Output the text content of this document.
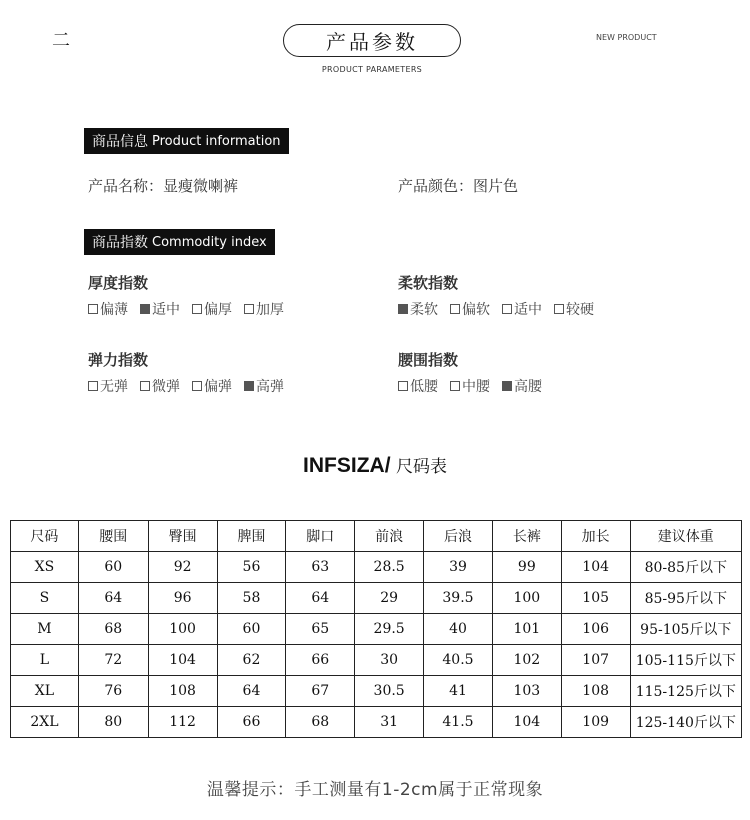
二	产品参数
PRODUCT PARAMETERS
NEW PRODUCT
商品信息 Product information
产品名称：显瘦微喇裤	产品颜色：图片色
商品指数 Commodity index
厚度指数
偏薄 适中 偏厚 加厚
柔软指数
柔软 偏软 适中 较硬
弹力指数
无弹 微弹 偏弹 高弹
腰围指数
低腰 中腰 高腰
INFSIZA/ 尺码表
尺码	腰围	臀围	脾围	脚口	前浪	后浪	长裤	加长	建议体重
XS	60	92	56	63	28.5	39	99	104	80-85斤以下
S	64	96	58	64	29	39.5	100	105	85-95斤以下
M	68	100	60	65	29.5	40	101	106	95-105斤以下
L	72	104	62	66	30	40.5	102	107	105-115斤以下
XL	76	108	64	67	30.5	41	103	108	115-125斤以下
2XL	80	112	66	68	31	41.5	104	109	125-140斤以下
温馨提示：手工测量有1-2cm属于正常现象
